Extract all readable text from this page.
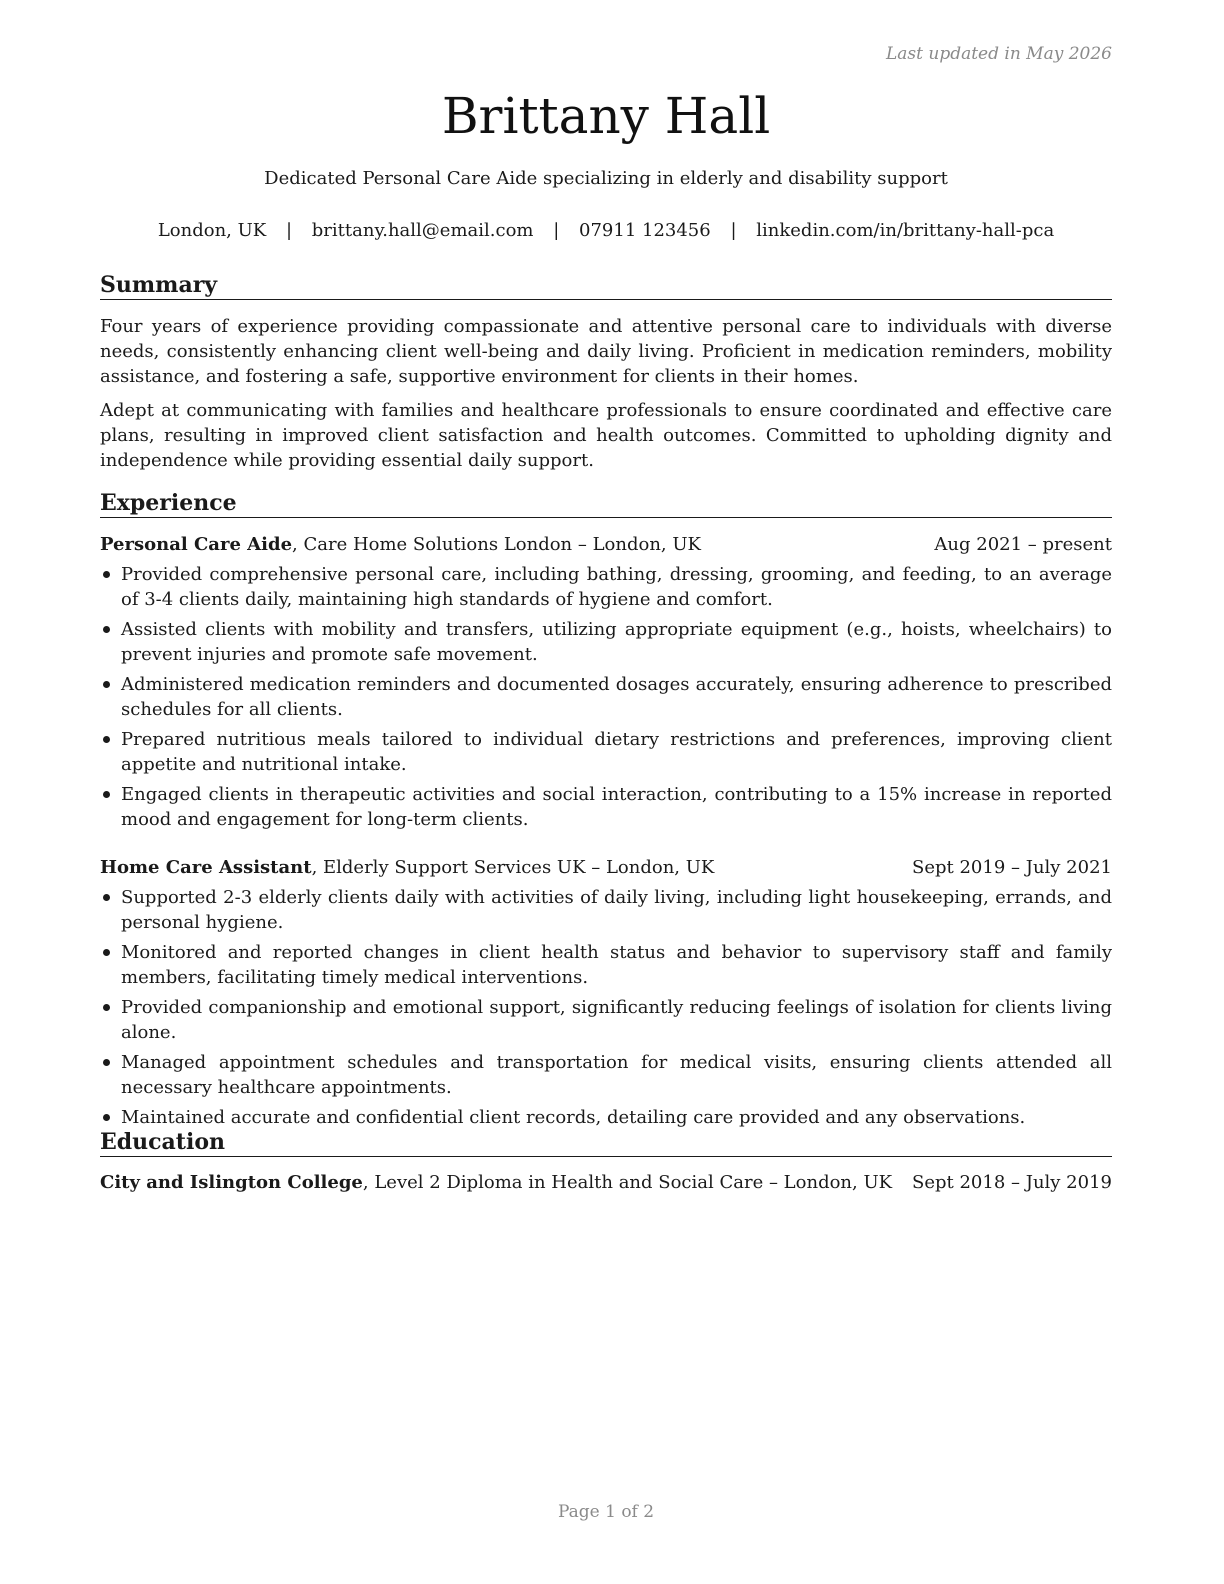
Last updated in May 2026
Brittany Hall
Dedicated Personal Care Aide specializing in elderly and disability support
London, UK | brittany.hall@email.com | 07911 123456 | linkedin.com/in/brittany-hall-pca
Summary
Four years of experience providing compassionate and attentive personal care to individuals with diverse needs, consistently enhancing client well-being and daily living. Proficient in medication reminders, mobility assistance, and fostering a safe, supportive environment for clients in their homes.
Adept at communicating with families and healthcare professionals to ensure coordinated and effective care plans, resulting in improved client satisfaction and health outcomes. Committed to upholding dignity and independence while providing essential daily support.
Experience
Personal Care Aide, Care Home Solutions London – London, UK	Aug 2021 – present
Provided comprehensive personal care, including bathing, dressing, grooming, and feeding, to an average of 3-4 clients daily, maintaining high standards of hygiene and comfort.
Assisted clients with mobility and transfers, utilizing appropriate equipment (e.g., hoists, wheelchairs) to prevent injuries and promote safe movement.
Administered medication reminders and documented dosages accurately, ensuring adherence to prescribed schedules for all clients.
Prepared nutritious meals tailored to individual dietary restrictions and preferences, improving client appetite and nutritional intake.
Engaged clients in therapeutic activities and social interaction, contributing to a 15% increase in reported mood and engagement for long-term clients.
Home Care Assistant, Elderly Support Services UK – London, UK	Sept 2019 – July 2021
Supported 2-3 elderly clients daily with activities of daily living, including light housekeeping, errands, and personal hygiene.
Monitored and reported changes in client health status and behavior to supervisory staff and family members, facilitating timely medical interventions.
Provided companionship and emotional support, significantly reducing feelings of isolation for clients living alone.
Managed appointment schedules and transportation for medical visits, ensuring clients attended all necessary healthcare appointments.
Maintained accurate and confidential client records, detailing care provided and any observations.
Education
City and Islington College, Level 2 Diploma in Health and Social Care – London, UK Sept 2018 – July 2019
Page 1 of 2
